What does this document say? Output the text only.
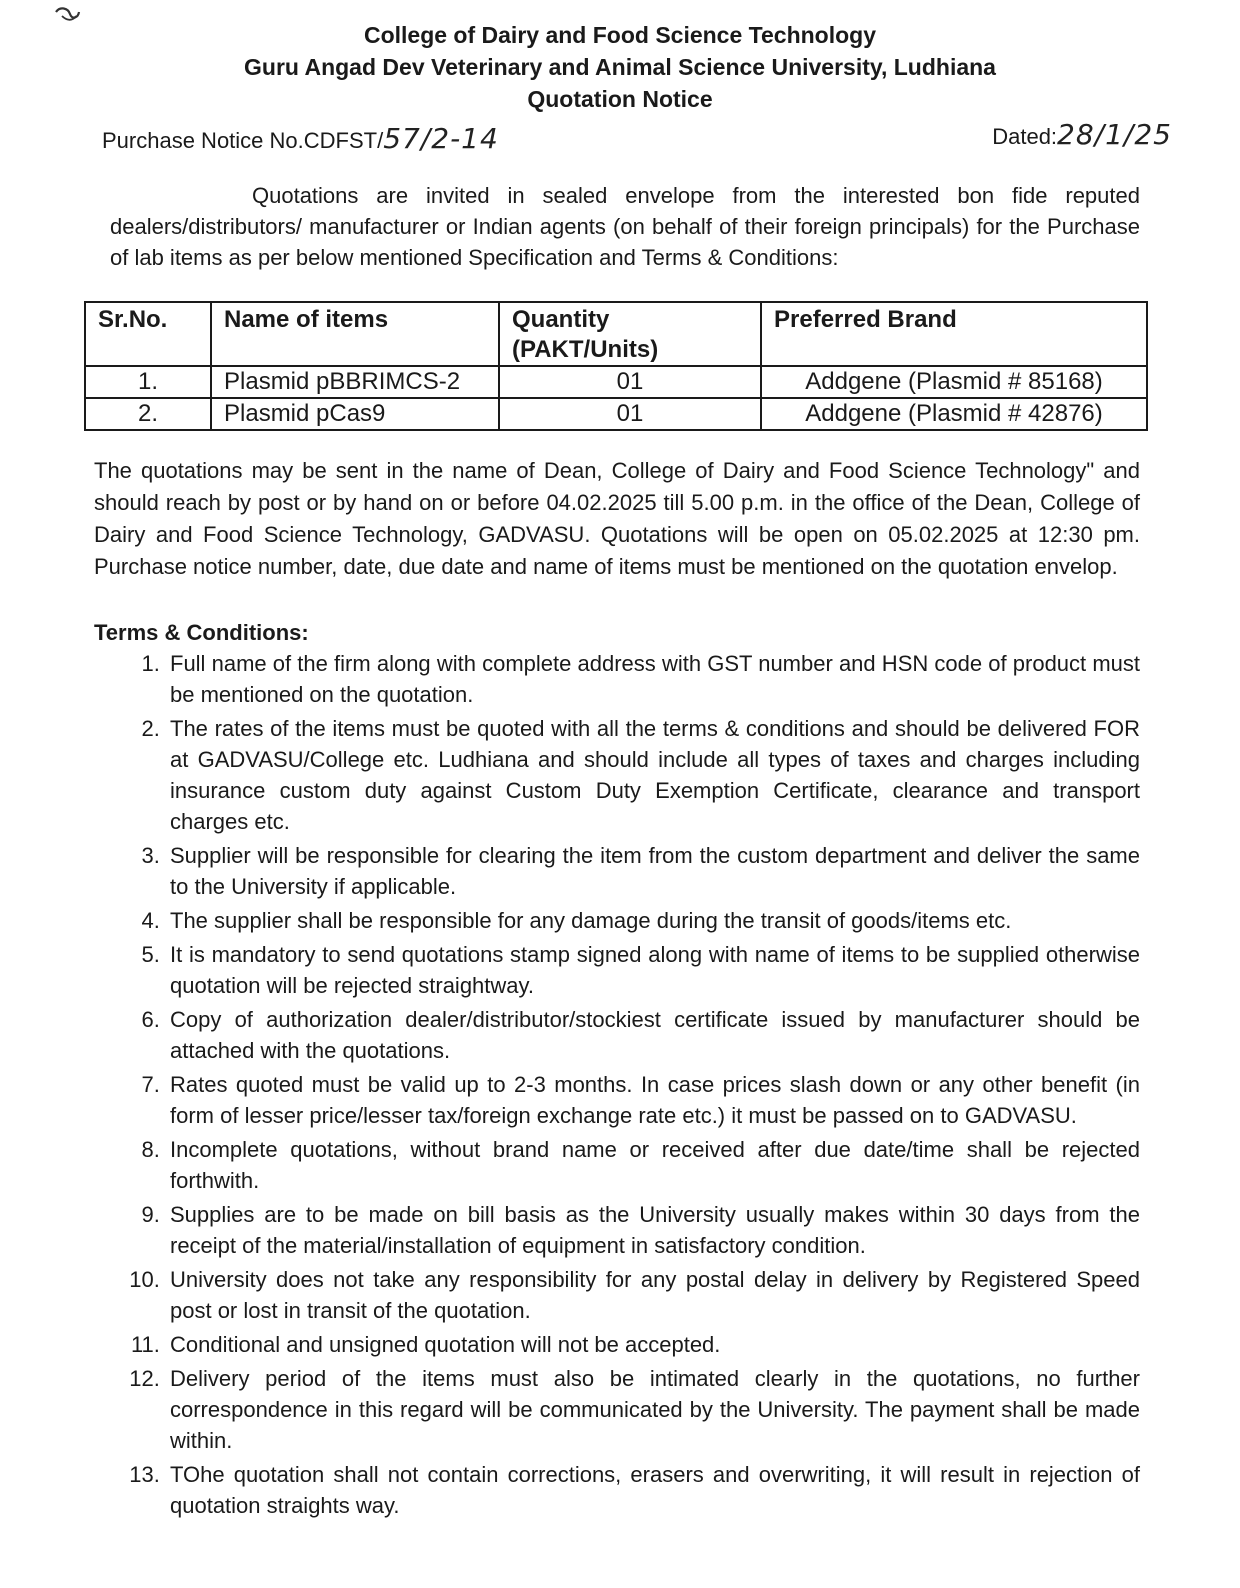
College of Dairy and Food Science Technology
Guru Angad Dev Veterinary and Animal Science University, Ludhiana
Quotation Notice
Purchase Notice No.CDFST/57/2-14	Dated:28/1/25

Quotations are invited in sealed envelope from the interested bon fide reputed dealers/distributors/ manufacturer or Indian agents (on behalf of their foreign principals) for the Purchase of lab items as per below mentioned Specification and Terms & Conditions:

Sr.No.	Name of items	Quantity (PAKT/Units)	Preferred Brand
1.	Plasmid pBBRIMCS-2	01	Addgene (Plasmid # 85168)
2.	Plasmid pCas9	01	Addgene (Plasmid # 42876)

The quotations may be sent in the name of Dean, College of Dairy and Food Science Technology" and should reach by post or by hand on or before 04.02.2025 till 5.00 p.m. in the office of the Dean, College of Dairy and Food Science Technology, GADVASU. Quotations will be open on 05.02.2025 at 12:30 pm. Purchase notice number, date, due date and name of items must be mentioned on the quotation envelop.

Terms & Conditions:
1. Full name of the firm along with complete address with GST number and HSN code of product must be mentioned on the quotation.
2. The rates of the items must be quoted with all the terms & conditions and should be delivered FOR at GADVASU/College etc. Ludhiana and should include all types of taxes and charges including insurance custom duty against Custom Duty Exemption Certificate, clearance and transport charges etc.
3. Supplier will be responsible for clearing the item from the custom department and deliver the same to the University if applicable.
4. The supplier shall be responsible for any damage during the transit of goods/items etc.
5. It is mandatory to send quotations stamp signed along with name of items to be supplied otherwise quotation will be rejected straightway.
6. Copy of authorization dealer/distributor/stockiest certificate issued by manufacturer should be attached with the quotations.
7. Rates quoted must be valid up to 2-3 months. In case prices slash down or any other benefit (in form of lesser price/lesser tax/foreign exchange rate etc.) it must be passed on to GADVASU.
8. Incomplete quotations, without brand name or received after due date/time shall be rejected forthwith.
9. Supplies are to be made on bill basis as the University usually makes within 30 days from the receipt of the material/installation of equipment in satisfactory condition.
10. University does not take any responsibility for any postal delay in delivery by Registered Speed post or lost in transit of the quotation.
11. Conditional and unsigned quotation will not be accepted.
12. Delivery period of the items must also be intimated clearly in the quotations, no further correspondence in this regard will be communicated by the University. The payment shall be made within.
13. TOhe quotation shall not contain corrections, erasers and overwriting, it will result in rejection of quotation straights way.
